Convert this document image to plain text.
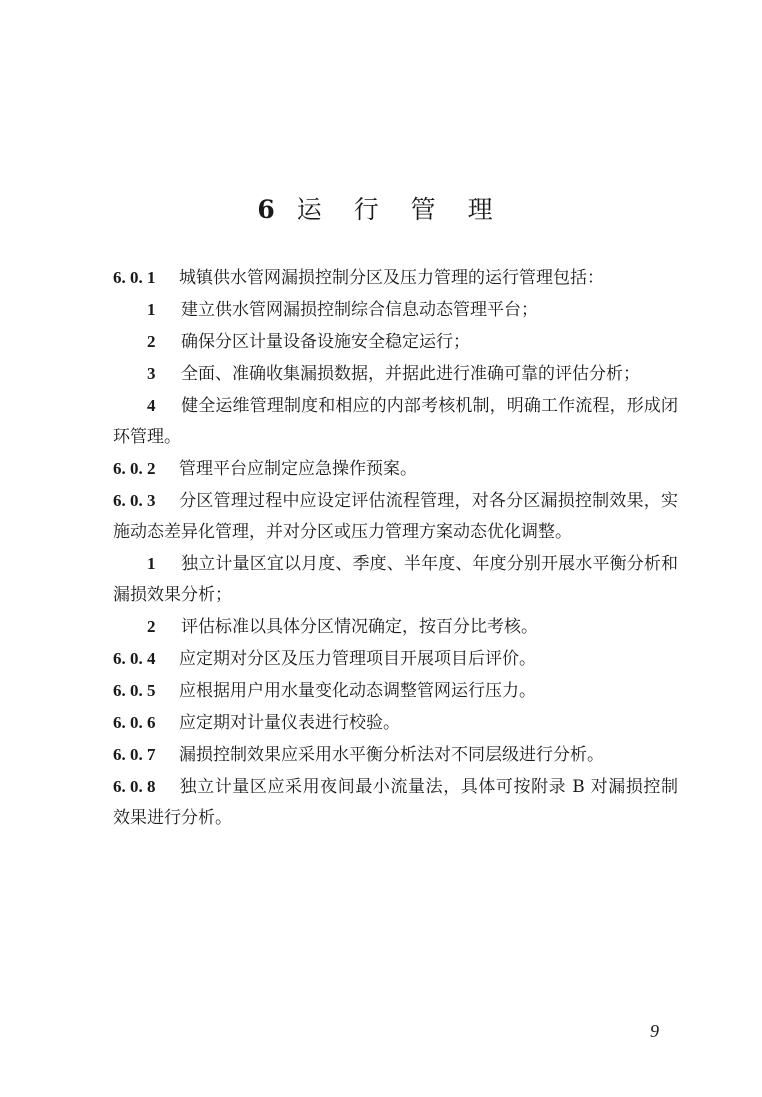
6 运 行 管 理

6. 0. 1 城镇供水管网漏损控制分区及压力管理的运行管理包括：

1 建立供水管网漏损控制综合信息动态管理平台；

2 确保分区计量设备设施安全稳定运行；

3 全面、准确收集漏损数据，并据此进行准确可靠的评估分析；

4 健全运维管理制度和相应的内部考核机制，明确工作流程，形成闭环管理。

6. 0. 2 管理平台应制定应急操作预案。

6. 0. 3 分区管理过程中应设定评估流程管理，对各分区漏损控制效果，实施动态差异化管理，并对分区或压力管理方案动态优化调整。

1 独立计量区宜以月度、季度、半年度、年度分别开展水平衡分析和漏损效果分析；

2 评估标准以具体分区情况确定，按百分比考核。

6. 0. 4 应定期对分区及压力管理项目开展项目后评价。

6. 0. 5 应根据用户用水量变化动态调整管网运行压力。

6. 0. 6 应定期对计量仪表进行校验。

6. 0. 7 漏损控制效果应采用水平衡分析法对不同层级进行分析。

6. 0. 8 独立计量区应采用夜间最小流量法，具体可按附录 B 对漏损控制效果进行分析。

9
